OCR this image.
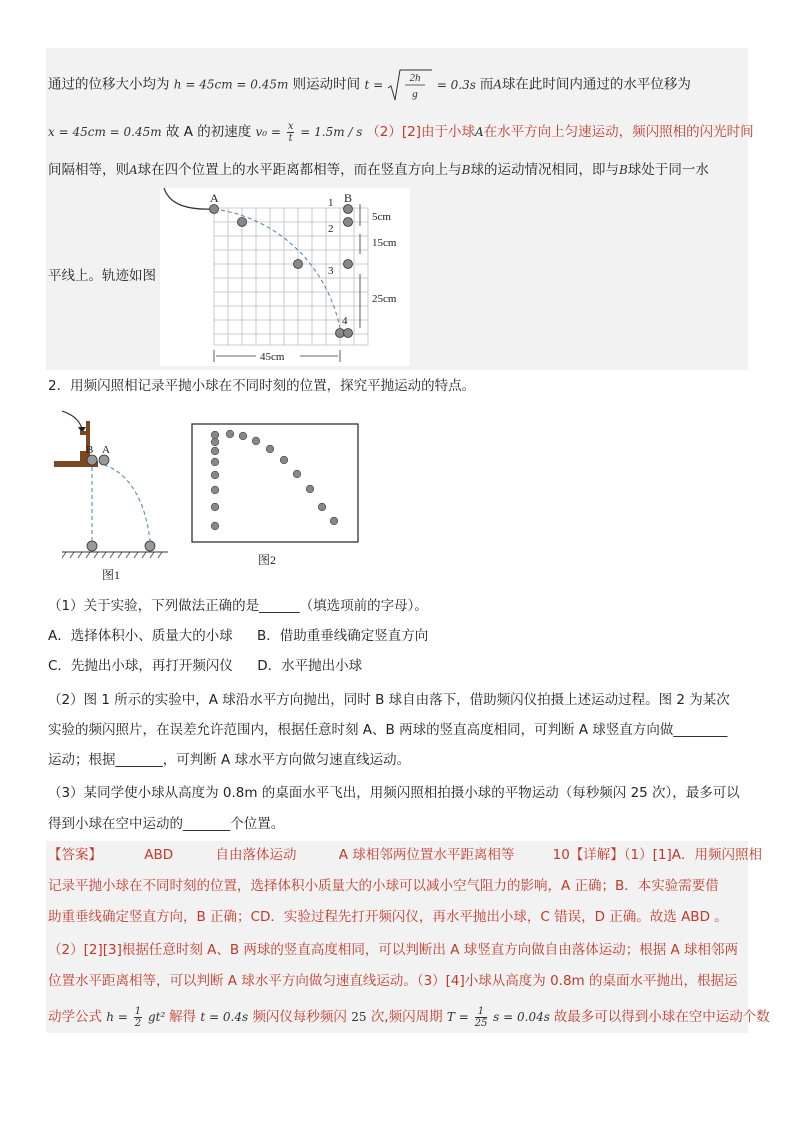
通过的位移大小均为 h = 45cm = 0.45m 则运动时间 t = 2h
g
= 0.3s 而A球在此时间内通过的水平位移为
x = 45cm = 0.45m 故 A 的初速度 $v_0 = \frac{x}{t} = 1.5m / s$ （2）[2]由于小球A在水平方向上匀速运动，频闪照相的闪光时间
间隔相等，则A球在四个位置上的水平距离都相等，而在竖直方向上与B球的运动情况相同，即与B球处于同一水
平线上。轨迹如图
A	B
1
2
3
4
5cm
15cm
25cm
45cm
2．用频闪照相记录平抛小球在不同时刻的位置，探究平抛运动的特点。
B A
图1
图2
（1）关于实验，下列做法正确的是______（填选项前的字母）。
A．选择体积小、质量大的小球 B．借助重垂线确定竖直方向
C．先抛出小球，再打开频闪仪 D．水平抛出小球
（2）图 1 所示的实验中，A 球沿水平方向抛出，同时 B 球自由落下，借助频闪仪拍摄上述运动过程。图 2 为某次
实验的频闪照片，在误差允许范围内，根据任意时刻 A、B 两球的竖直高度相同，可判断 A 球竖直方向做________
运动；根据_______，可判断 A 球水平方向做匀速直线运动。
（3）某同学使小球从高度为 0.8m 的桌面水平飞出，用频闪照相拍摄小球的平物运动（每秒频闪 25 次），最多可以
得到小球在空中运动的_______个位置。
【答案】	ABD	自由落体运动	A 球相邻两位置水平距离相等	10【详解】（1）[1]A．用频闪照相
记录平抛小球在不同时刻的位置，选择体积小质量大的小球可以减小空气阻力的影响，A 正确；B．本实验需要借
助重垂线确定竖直方向，B 正确；CD．实验过程先打开频闪仪，再水平抛出小球，C 错误，D 正确。故选 ABD 。
（2）[2][3]根据任意时刻 A、B 两球的竖直高度相同，可以判断出 A 球竖直方向做自由落体运动；根据 A 球相邻两
位置水平距离相等，可以判断 A 球水平方向做匀速直线运动。（3）[4]小球从高度为 0.8m 的桌面水平抛出，根据运
动学公式 $h = \frac{1}{2} gt^2$ 解得 t = 0.4s 频闪仪每秒频闪 25 次,频闪周期 $T = \frac{1}{25}$ s = 0.04s 故最多可以得到小球在空中运动个数
